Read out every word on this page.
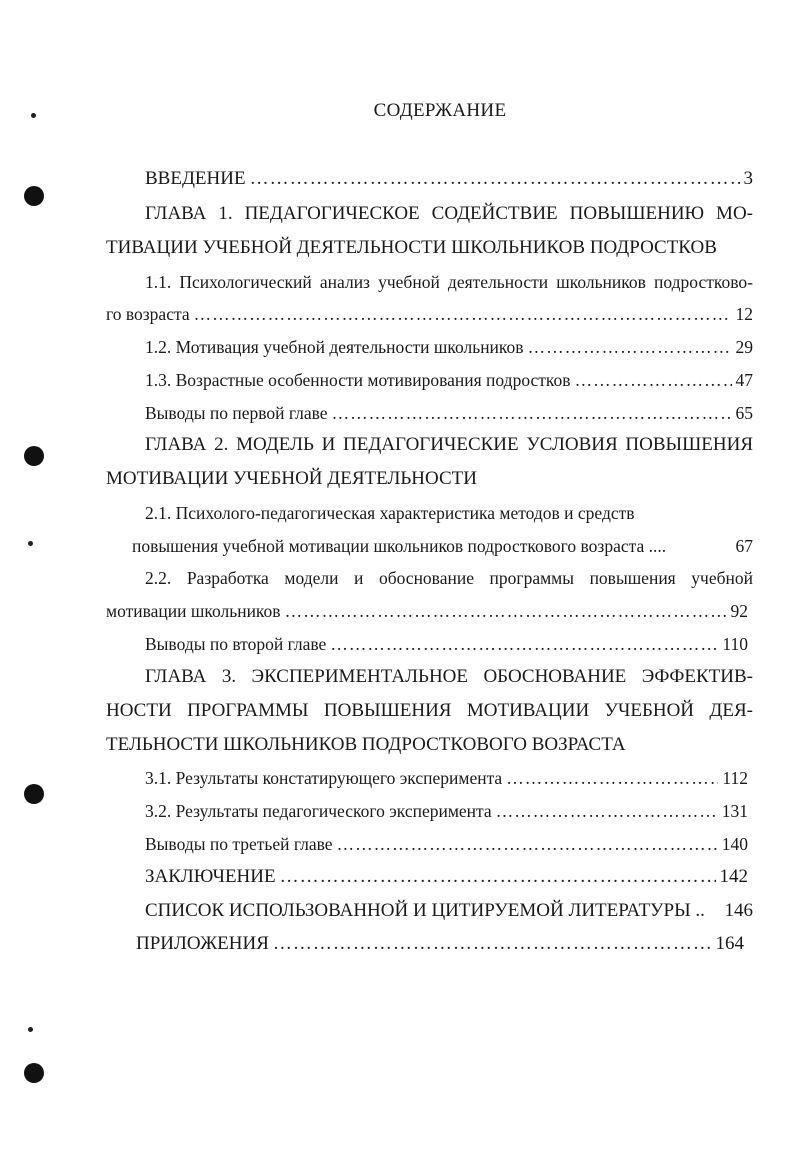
СОДЕРЖАНИЕ
ВВЕДЕНИЕ …………………………………………………………………………………………………………………………………………………………	3
ГЛАВА 1. ПЕДАГОГИЧЕСКОЕ СОДЕЙСТВИЕ ПОВЫШЕНИЮ МО-
ТИВАЦИИ УЧЕБНОЙ ДЕЯТЕЛЬНОСТИ ШКОЛЬНИКОВ ПОДРОСТКОВ
1.1. Психологический анализ учебной деятельности школьников подростково-
го возраста …………………………………………………………………………………………………………………………………………………………	12
1.2. Мотивация учебной деятельности школьников …………………………………………………………………………………………………………………………………………………………	29
1.3. Возрастные особенности мотивирования подростков …………………………………………………………………………………………………………………………………………………………	47
Выводы по первой главе …………………………………………………………………………………………………………………………………………………………	65
ГЛАВА 2. МОДЕЛЬ И ПЕДАГОГИЧЕСКИЕ УСЛОВИЯ ПОВЫШЕНИЯ
МОТИВАЦИИ УЧЕБНОЙ ДЕЯТЕЛЬНОСТИ
2.1. Психолого-педагогическая характеристика методов и средств
повышения учебной мотивации школьников подросткового возраста ....	67
2.2. Разработка модели и обоснование программы повышения учебной
мотивации школьников …………………………………………………………………………………………………………………………………………………………	92
Выводы по второй главе …………………………………………………………………………………………………………………………………………………………	110
ГЛАВА 3. ЭКСПЕРИМЕНТАЛЬНОЕ ОБОСНОВАНИЕ ЭФФЕКТИВ-
НОСТИ ПРОГРАММЫ ПОВЫШЕНИЯ МОТИВАЦИИ УЧЕБНОЙ ДЕЯ-
ТЕЛЬНОСТИ ШКОЛЬНИКОВ ПОДРОСТКОВОГО ВОЗРАСТА
3.1. Результаты констатирующего эксперимента …………………………………………………………………………………………………………………………………………………………	112
3.2. Результаты педагогического эксперимента …………………………………………………………………………………………………………………………………………………………	131
Выводы по третьей главе …………………………………………………………………………………………………………………………………………………………	140
ЗАКЛЮЧЕНИЕ …………………………………………………………………………………………………………………………………………………………	142
СПИСОК ИСПОЛЬЗОВАННОЙ И ЦИТИРУЕМОЙ ЛИТЕРАТУРЫ .. 146
ПРИЛОЖЕНИЯ …………………………………………………………………………………………………………………………………………………………	164
